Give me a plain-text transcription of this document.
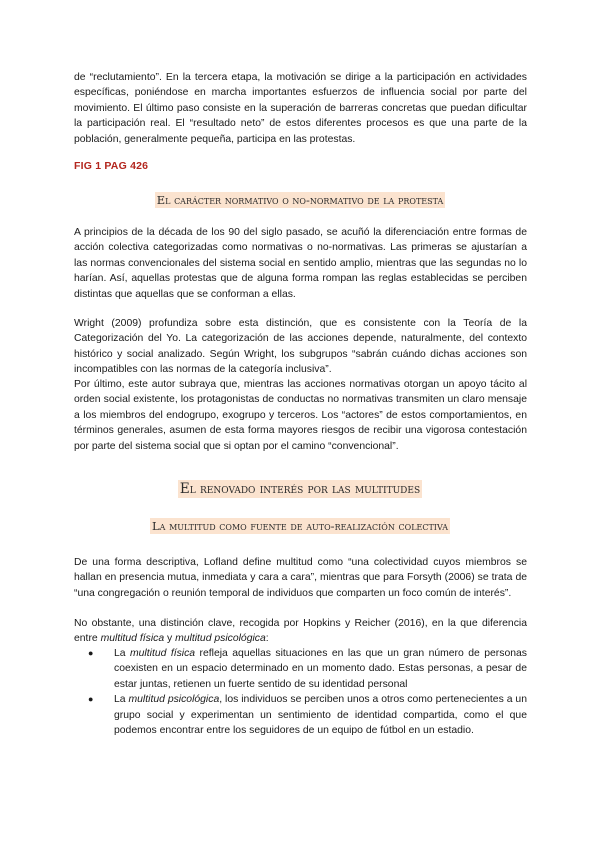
de “reclutamiento”. En la tercera etapa, la motivación se dirige a la participación en actividades específicas, poniéndose en marcha importantes esfuerzos de influencia social por parte del movimiento. El último paso consiste en la superación de barreras concretas que puedan dificultar la participación real. El “resultado neto” de estos diferentes procesos es que una parte de la población, generalmente pequeña, participa en las protestas.

FIG 1 PAG 426
El carácter normativo o no-normativo de la protesta

A principios de la década de los 90 del siglo pasado, se acuñó la diferenciación entre formas de acción colectiva categorizadas como normativas o no-normativas. Las primeras se ajustarían a las normas convencionales del sistema social en sentido amplio, mientras que las segundas no lo harían. Así, aquellas protestas que de alguna forma rompan las reglas establecidas se perciben distintas que aquellas que se conforman a ellas.

Wright (2009) profundiza sobre esta distinción, que es consistente con la Teoría de la Categorización del Yo. La categorización de las acciones depende, naturalmente, del contexto histórico y social analizado. Según Wright, los subgrupos “sabrán cuándo dichas acciones son incompatibles con las normas de la categoría inclusiva”.

Por último, este autor subraya que, mientras las acciones normativas otorgan un apoyo tácito al orden social existente, los protagonistas de conductas no normativas transmiten un claro mensaje a los miembros del endogrupo, exogrupo y terceros. Los “actores” de estos comportamientos, en términos generales, asumen de esta forma mayores riesgos de recibir una vigorosa contestación por parte del sistema social que si optan por el camino “convencional”.

El renovado interés por las multitudes
La multitud como fuente de auto-realización colectiva

De una forma descriptiva, Lofland define multitud como “una colectividad cuyos miembros se hallan en presencia mutua, inmediata y cara a cara”, mientras que para Forsyth (2006) se trata de “una congregación o reunión temporal de individuos que comparten un foco común de interés”.

No obstante, una distinción clave, recogida por Hopkins y Reicher (2016), en la que diferencia entre multitud física y multitud psicológica:

● La multitud física refleja aquellas situaciones en las que un gran número de personas coexisten en un espacio determinado en un momento dado. Estas personas, a pesar de estar juntas, retienen un fuerte sentido de su identidad personal
● La multitud psicológica, los individuos se perciben unos a otros como pertenecientes a un grupo social y experimentan un sentimiento de identidad compartida, como el que podemos encontrar entre los seguidores de un equipo de fútbol en un estadio.
